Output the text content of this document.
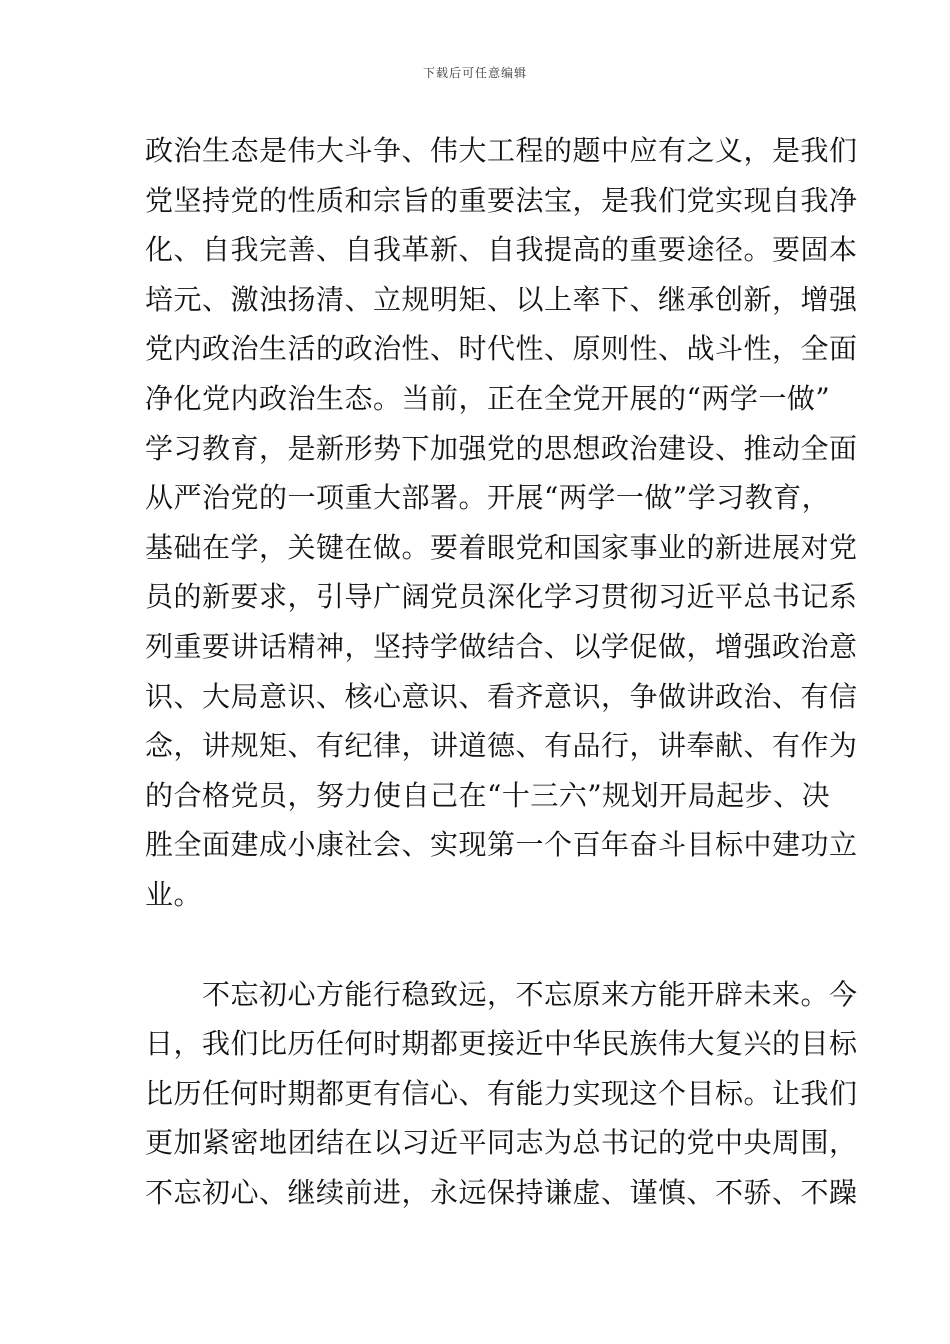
下载后可任意编辑
政治生态是伟大斗争、伟大工程的题中应有之义，是我们
党坚持党的性质和宗旨的重要法宝，是我们党实现自我净
化、自我完善、自我革新、自我提高的重要途径。要固本
培元、激浊扬清、立规明矩、以上率下、继承创新，增强
党内政治生活的政治性、时代性、原则性、战斗性，全面
净化党内政治生态。当前，正在全党开展的“两学一做”
学习教育，是新形势下加强党的思想政治建设、推动全面
从严治党的一项重大部署。开展“两学一做”学习教育，
基础在学，关键在做。要着眼党和国家事业的新进展对党
员的新要求，引导广阔党员深化学习贯彻习近平总书记系
列重要讲话精神，坚持学做结合、以学促做，增强政治意
识、大局意识、核心意识、看齐意识，争做讲政治、有信
念，讲规矩、有纪律，讲道德、有品行，讲奉献、有作为
的合格党员，努力使自己在“十三六”规划开局起步、决
胜全面建成小康社会、实现第一个百年奋斗目标中建功立
业。
　　不忘初心方能行稳致远，不忘原来方能开辟未来。今
日，我们比历任何时期都更接近中华民族伟大复兴的目标
比历任何时期都更有信心、有能力实现这个目标。让我们
更加紧密地团结在以习近平同志为总书记的党中央周围，
不忘初心、继续前进，永远保持谦虚、谨慎、不骄、不躁
